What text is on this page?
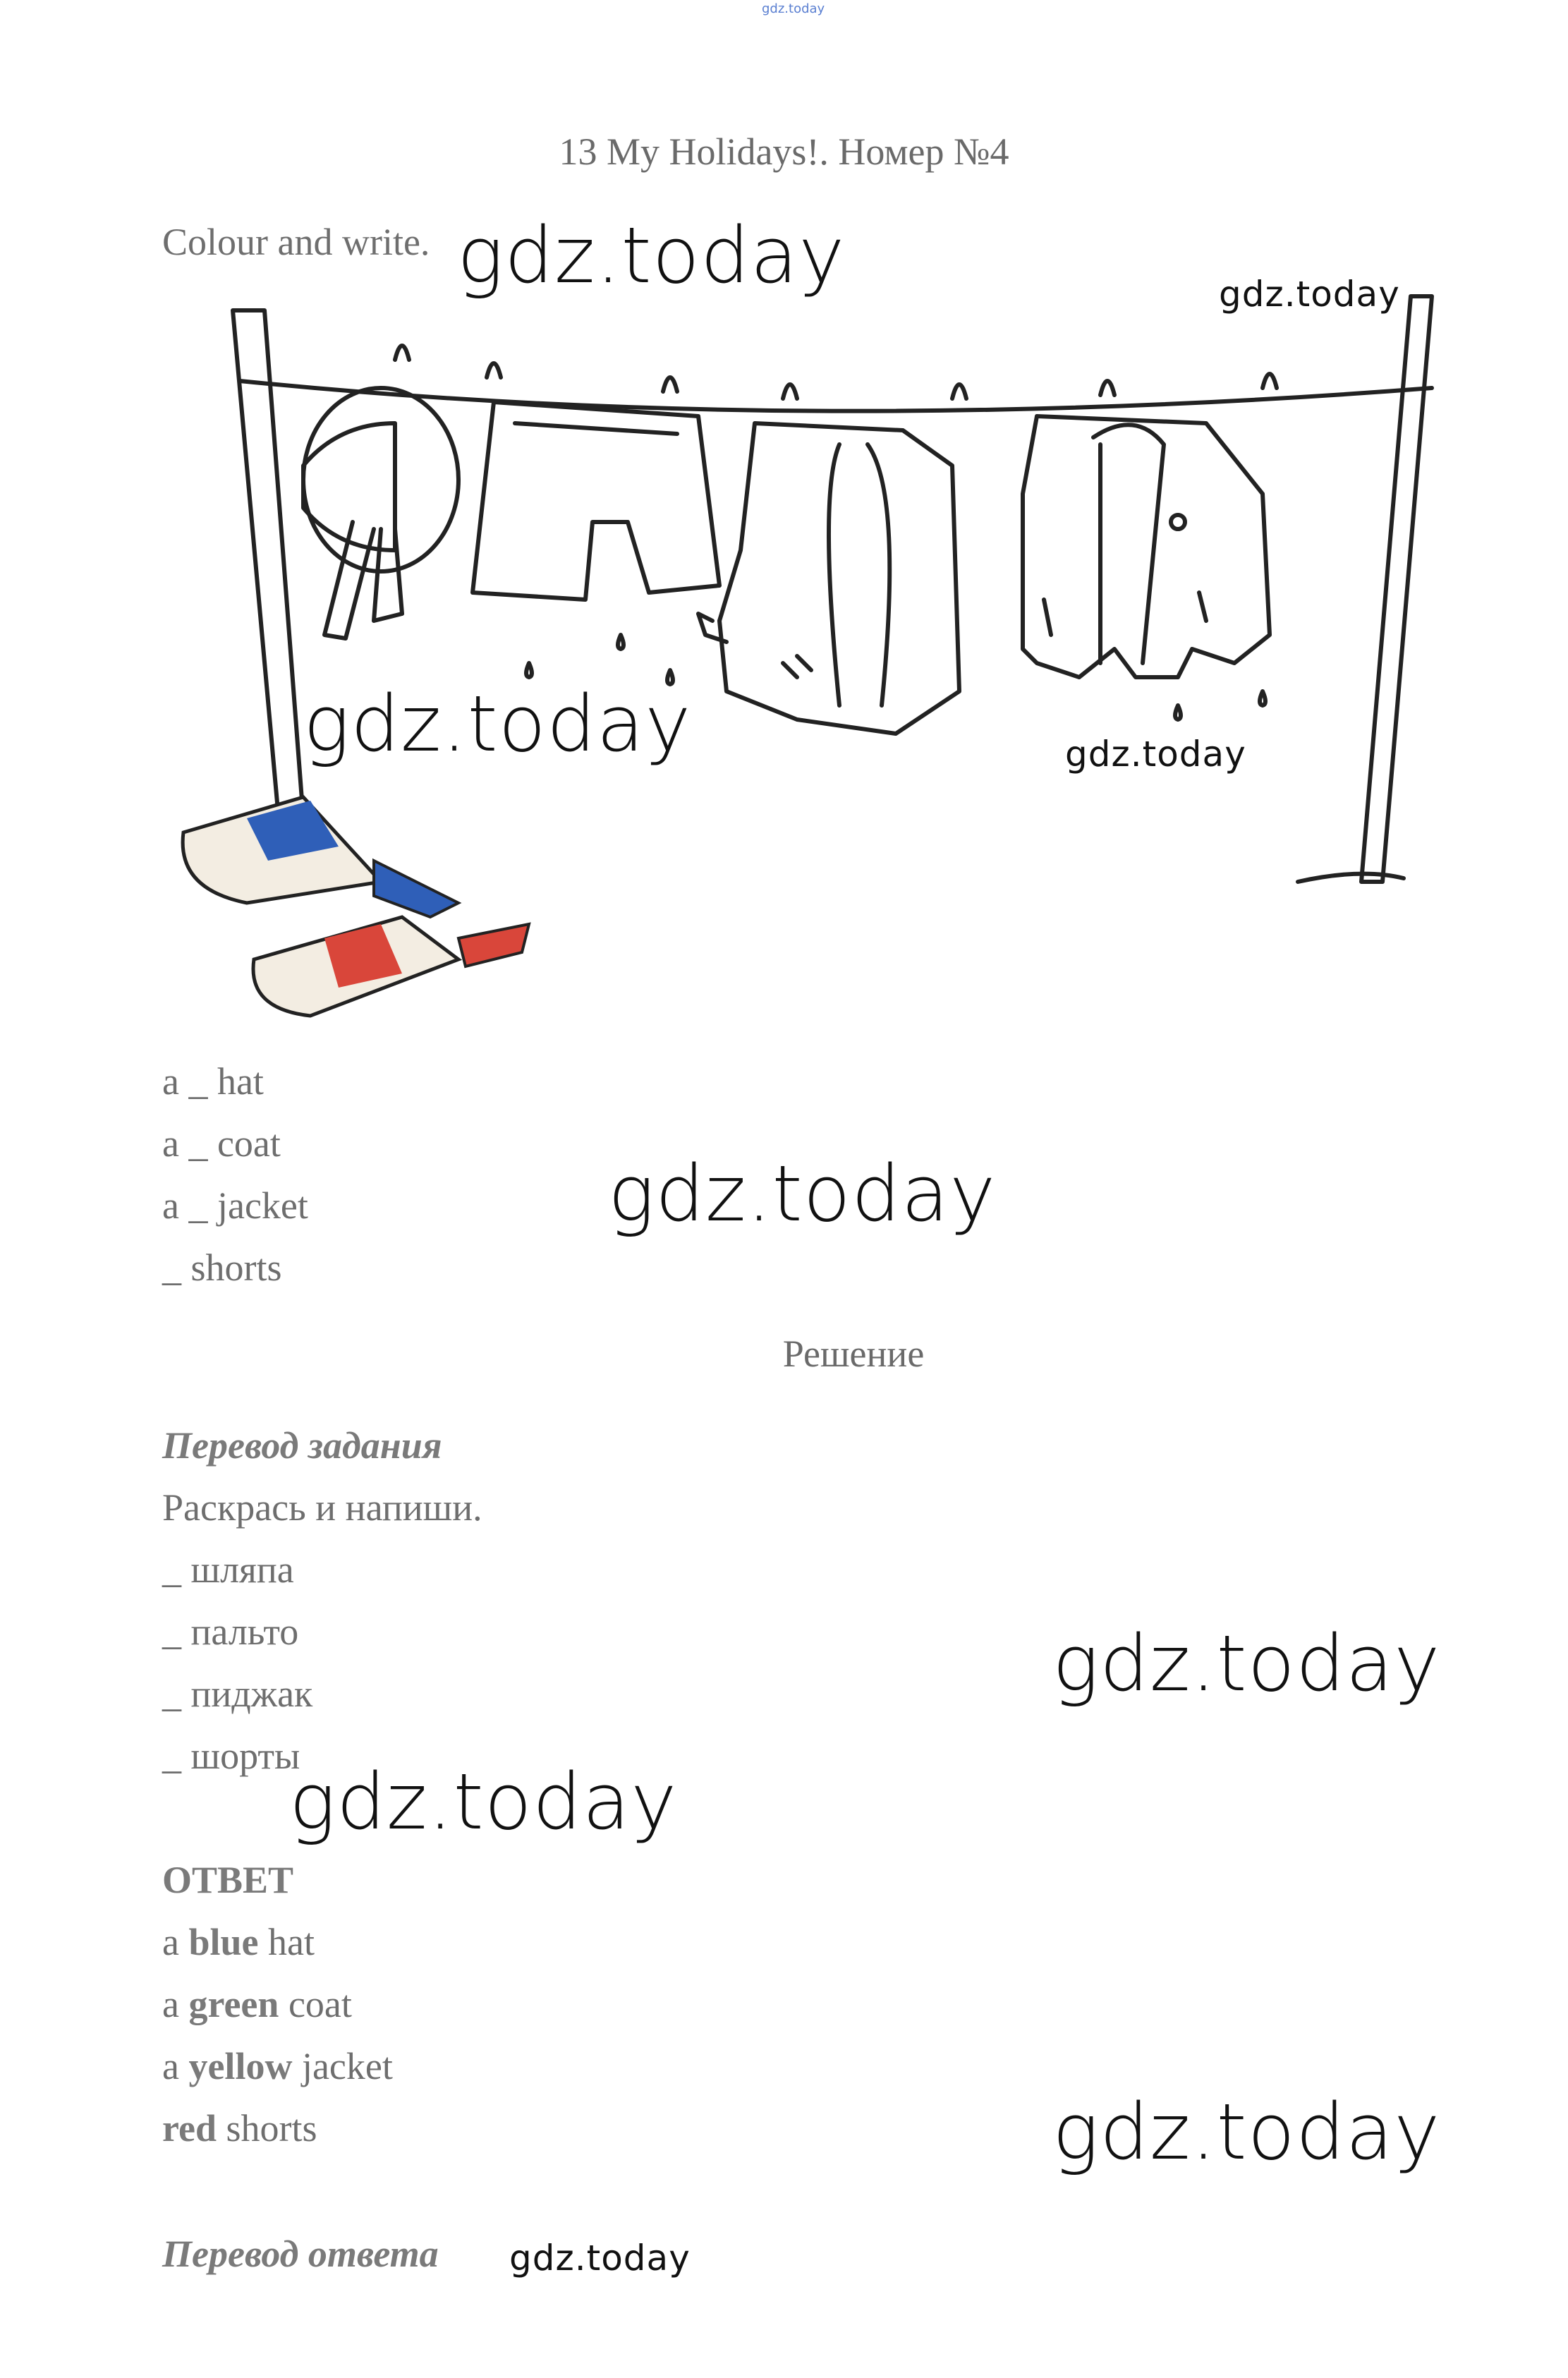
gdz.today
13 My Holidays!. Номер №4
Colour and write.
a _ hat
a _ coat
a _ jacket
_ shorts
Решение
Перевод задания
Раскрась и напиши.
_ шляпа
_ пальто
_ пиджак
_ шорты
ОТВЕТ
a blue hat
a green coat
a yellow jacket
red shorts
Перевод ответа
gdz.today	gdz.today
gdz.today	gdz.today
gdz.today
gdz.today
gdz.today
gdz.today
gdz.today
